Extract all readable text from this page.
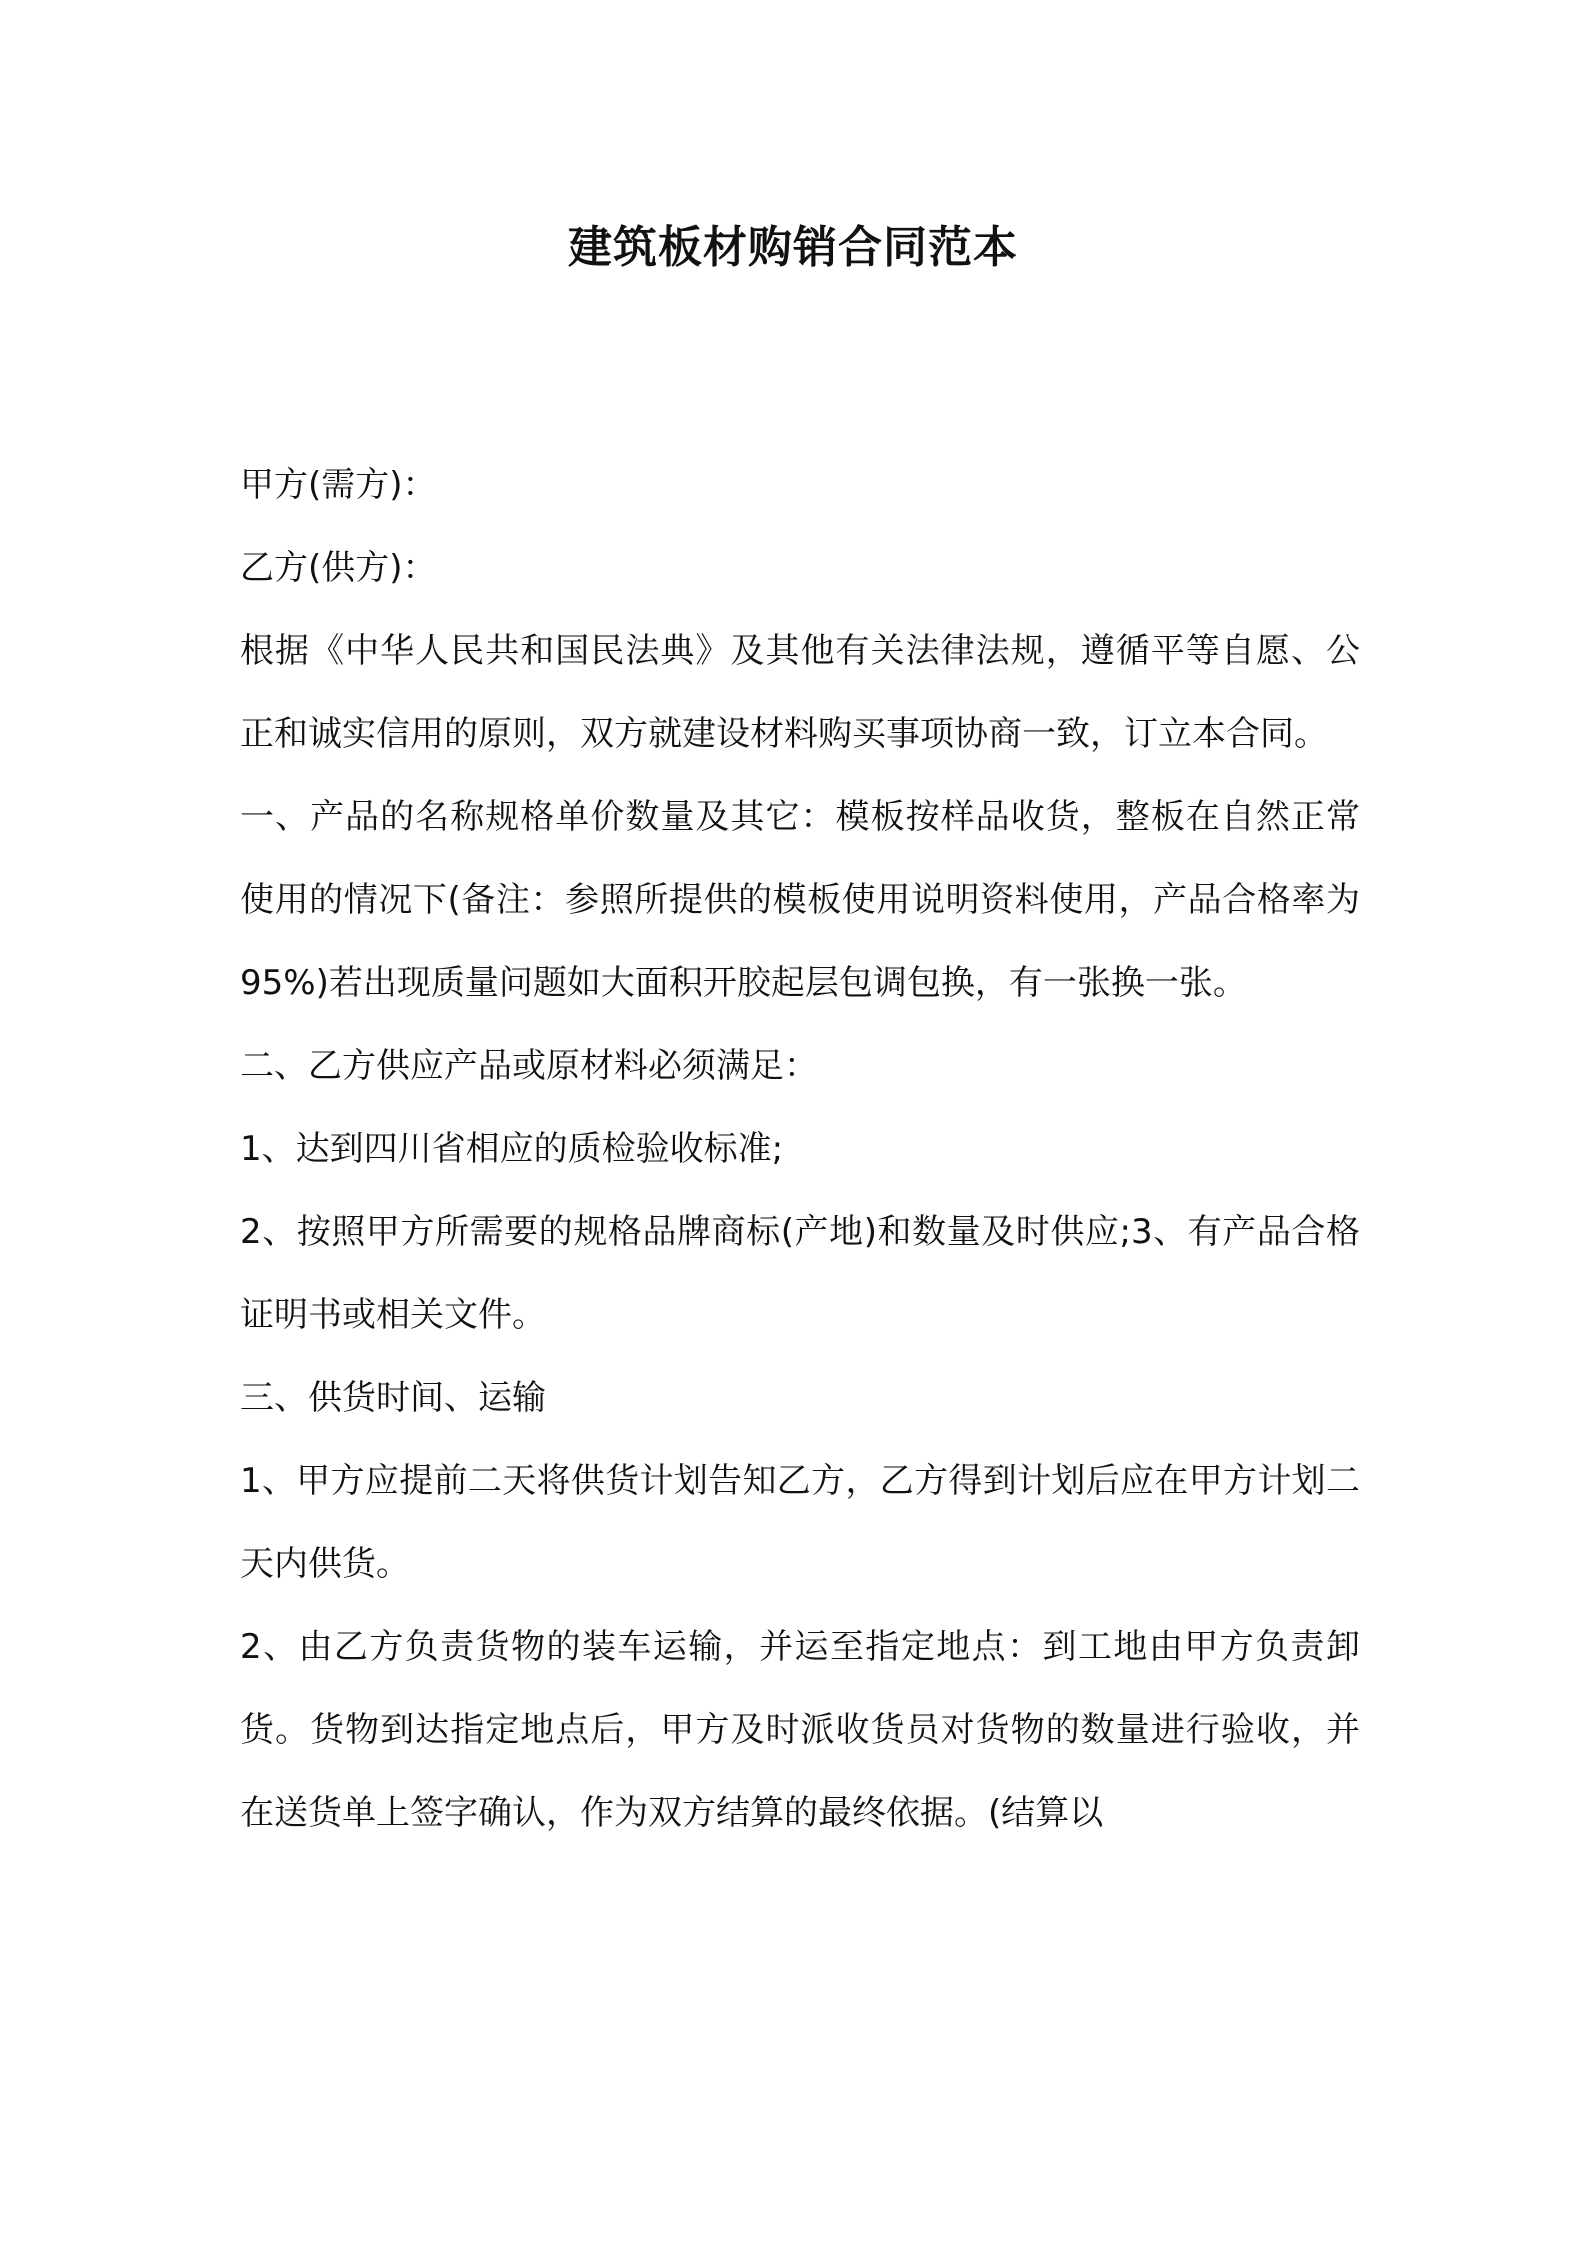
建筑板材购销合同范本

甲方(需方)：

乙方(供方)：

根据《中华人民共和国民法典》及其他有关法律法规，遵循平等自愿、公正和诚实信用的原则，双方就建设材料购买事项协商一致，订立本合同。

一、产品的名称规格单价数量及其它：模板按样品收货，整板在自然正常使用的情况下(备注：参照所提供的模板使用说明资料使用，产品合格率为 95%)若出现质量问题如大面积开胶起层包调包换，有一张换一张。

二、乙方供应产品或原材料必须满足：

1、达到四川省相应的质检验收标准;

2、按照甲方所需要的规格品牌商标(产地)和数量及时供应;3、有产品合格证明书或相关文件。

三、供货时间、运输

1、甲方应提前二天将供货计划告知乙方，乙方得到计划后应在甲方计划二天内供货。

2、由乙方负责货物的装车运输，并运至指定地点：到工地由甲方负责卸货。货物到达指定地点后，甲方及时派收货员对货物的数量进行验收，并在送货单上签字确认，作为双方结算的最终依据。(结算以
